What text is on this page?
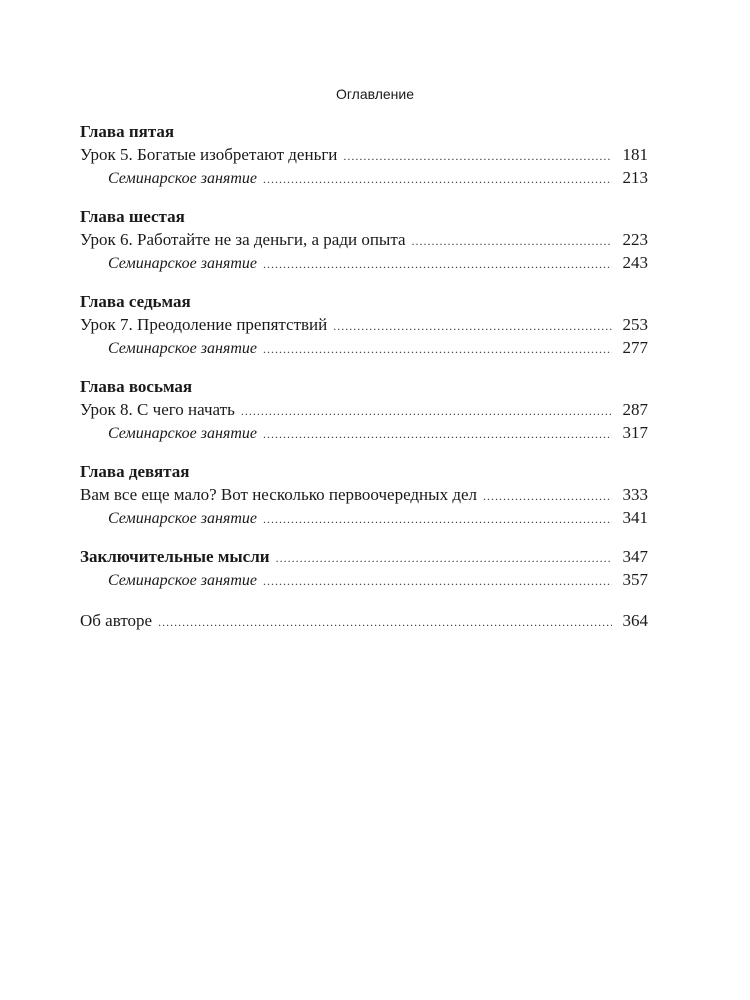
Оглавление
Глава пятая
Урок 5. Богатые изобретают деньги . . .	181
Семинарское занятие . . .	213
Глава шестая
Урок 6. Работайте не за деньги, а ради опыта . . .	223
Семинарское занятие . . .	243
Глава седьмая
Урок 7. Преодоление препятствий . . .	253
Семинарское занятие . . .	277
Глава восьмая
Урок 8. С чего начать . . .	287
Семинарское занятие . . .	317
Глава девятая
Вам все еще мало? Вот несколько первоочередных дел . . .	333
Семинарское занятие . . .	341
Заключительные мысли . . .	347
Семинарское занятие . . .	357
Об авторе . . .	364
